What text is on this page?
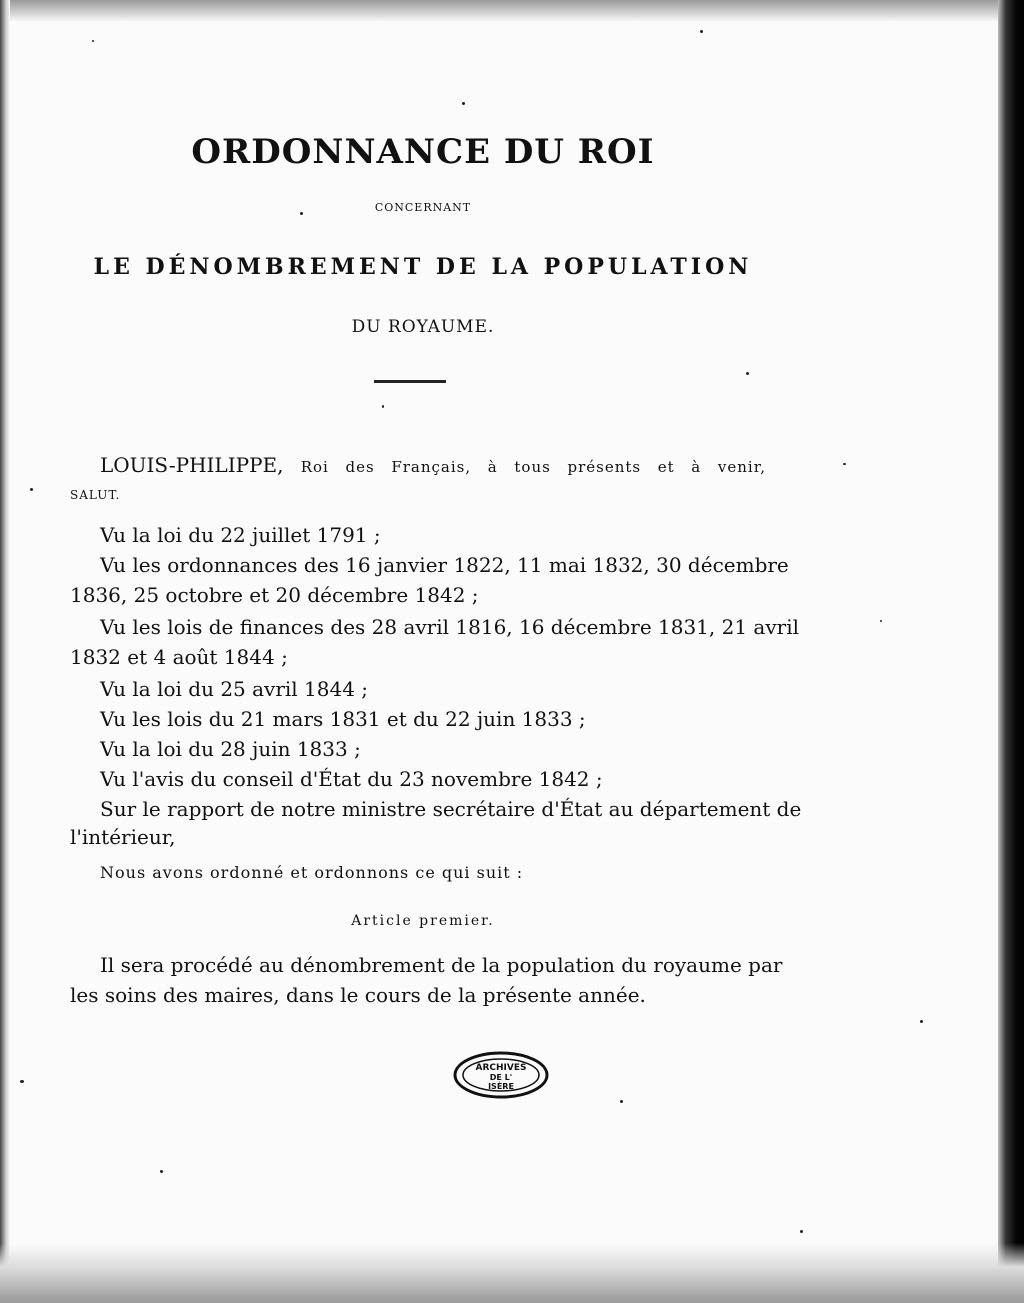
ORDONNANCE DU ROI
CONCERNANT
LE DÉNOMBREMENT DE LA POPULATION
DU ROYAUME.
LOUIS-PHILIPPE, Roi des Français, à tous présents et à venir,
SALUT.
Vu la loi du 22 juillet 1791 ;
Vu les ordonnances des 16 janvier 1822, 11 mai 1832, 30 décembre
1836, 25 octobre et 20 décembre 1842 ;
Vu les lois de finances des 28 avril 1816, 16 décembre 1831, 21 avril
1832 et 4 août 1844 ;
Vu la loi du 25 avril 1844 ;
Vu les lois du 21 mars 1831 et du 22 juin 1833 ;
Vu la loi du 28 juin 1833 ;
Vu l'avis du conseil d'État du 23 novembre 1842 ;
Sur le rapport de notre ministre secrétaire d'État au département de
l'intérieur,
Nous avons ordonné et ordonnons ce qui suit :
Article premier.
Il sera procédé au dénombrement de la population du royaume par
les soins des maires, dans le cours de la présente année.
ARCHIVES
DE L'
ISÈRE
